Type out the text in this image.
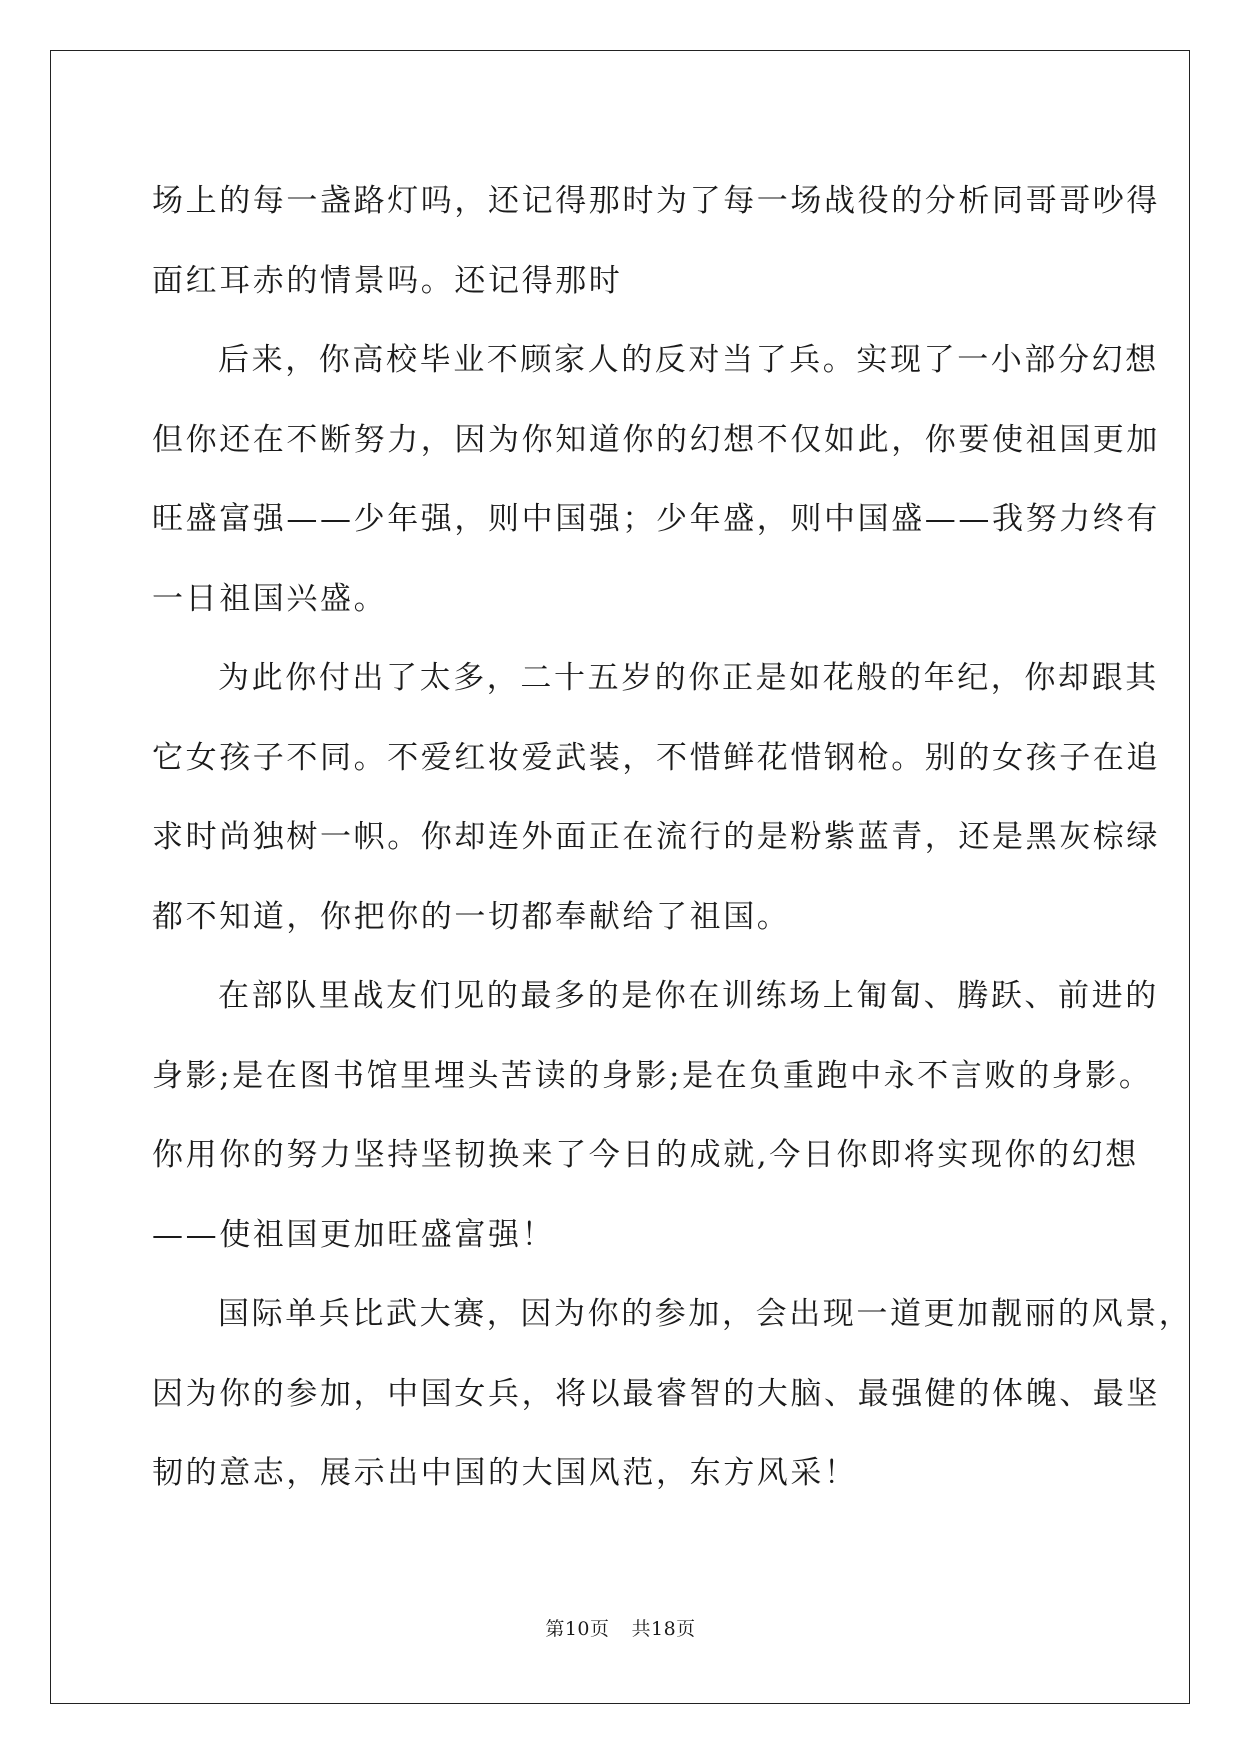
场上的每一盏路灯吗，还记得那时为了每一场战役的分析同哥哥吵得
面红耳赤的情景吗。还记得那时
后来，你高校毕业不顾家人的反对当了兵。实现了一小部分幻想
但你还在不断努力，因为你知道你的幻想不仅如此，你要使祖国更加
旺盛富强——少年强，则中国强；少年盛，则中国盛——我努力终有
一日祖国兴盛。
为此你付出了太多，二十五岁的你正是如花般的年纪，你却跟其
它女孩子不同。不爱红妆爱武装，不惜鲜花惜钢枪。别的女孩子在追
求时尚独树一帜。你却连外面正在流行的是粉紫蓝青，还是黑灰棕绿
都不知道，你把你的一切都奉献给了祖国。
在部队里战友们见的最多的是你在训练场上匍匐、腾跃、前进的
身影;是在图书馆里埋头苦读的身影;是在负重跑中永不言败的身影。
你用你的努力坚持坚韧换来了今日的成就,今日你即将实现你的幻想
——使祖国更加旺盛富强！
国际单兵比武大赛，因为你的参加，会出现一道更加靓丽的风景，
因为你的参加，中国女兵，将以最睿智的大脑、最强健的体魄、最坚
韧的意志，展示出中国的大国风范，东方风采！
第10页 共18页
